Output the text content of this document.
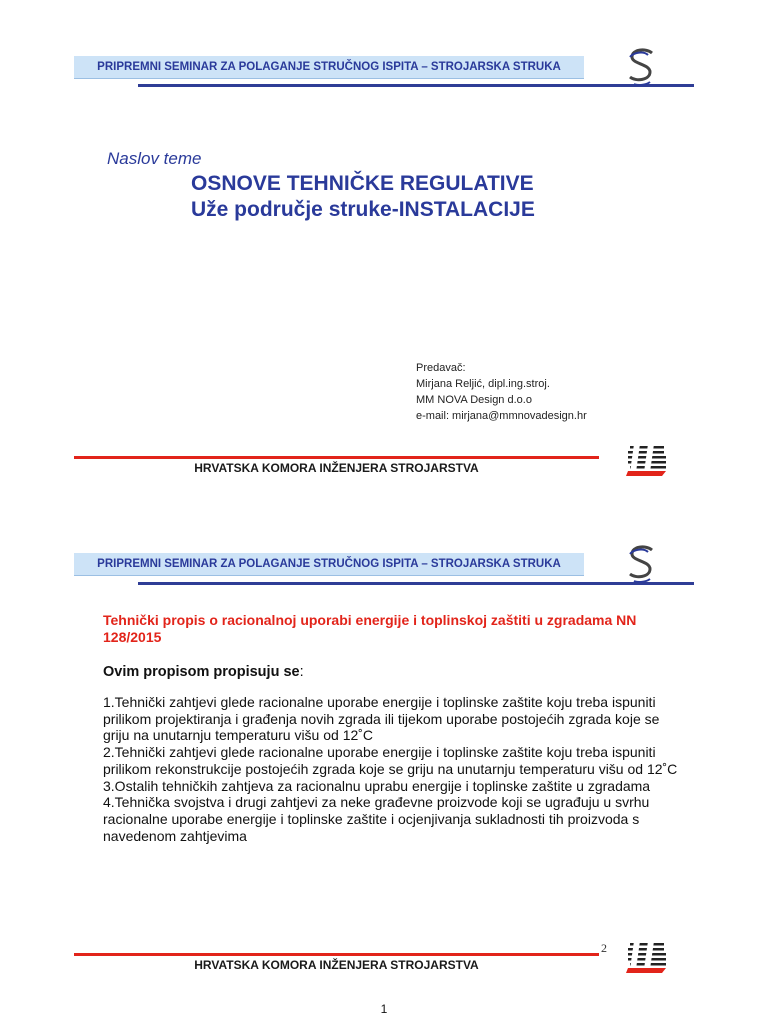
PRIPREMNI SEMINAR ZA POLAGANJE STRUČNOG ISPITA – STROJARSKA STRUKA
Naslov teme
OSNOVE TEHNIČKE REGULATIVE
Uže područje struke-INSTALACIJE
Predavač:
Mirjana Reljić, dipl.ing.stroj.
MM NOVA Design d.o.o
e-mail: mirjana@mmnovadesign.hr
HRVATSKA KOMORA INŽENJERA STROJARSTVA
PRIPREMNI SEMINAR ZA POLAGANJE STRUČNOG ISPITA – STROJARSKA STRUKA
Tehnički propis o racionalnoj uporabi energije i toplinskoj zaštiti u zgradama NN 128/2015
Ovim propisom propisuju se:
1.Tehnički zahtjevi glede racionalne uporabe energije i toplinske zaštite koju treba ispuniti prilikom projektiranja i građenja novih zgrada ili tijekom uporabe postojećih zgrada koje se griju na unutarnju temperaturu višu od 12˚C
2.Tehnički zahtjevi glede racionalne uporabe energije i toplinske zaštite koju treba ispuniti prilikom rekonstrukcije postojećih zgrada koje se griju na unutarnju temperaturu višu od 12˚C
3.Ostalih tehničkih zahtjeva za racionalnu uprabu energije i toplinske zaštite u zgradama
4.Tehnička svojstva i drugi zahtjevi za neke građevne proizvode koji se ugrađuju u svrhu racionalne uporabe energije i toplinske zaštite i ocjenjivanja sukladnosti tih proizvoda s navedenom zahtjevima
2
HRVATSKA KOMORA INŽENJERA STROJARSTVA
1
